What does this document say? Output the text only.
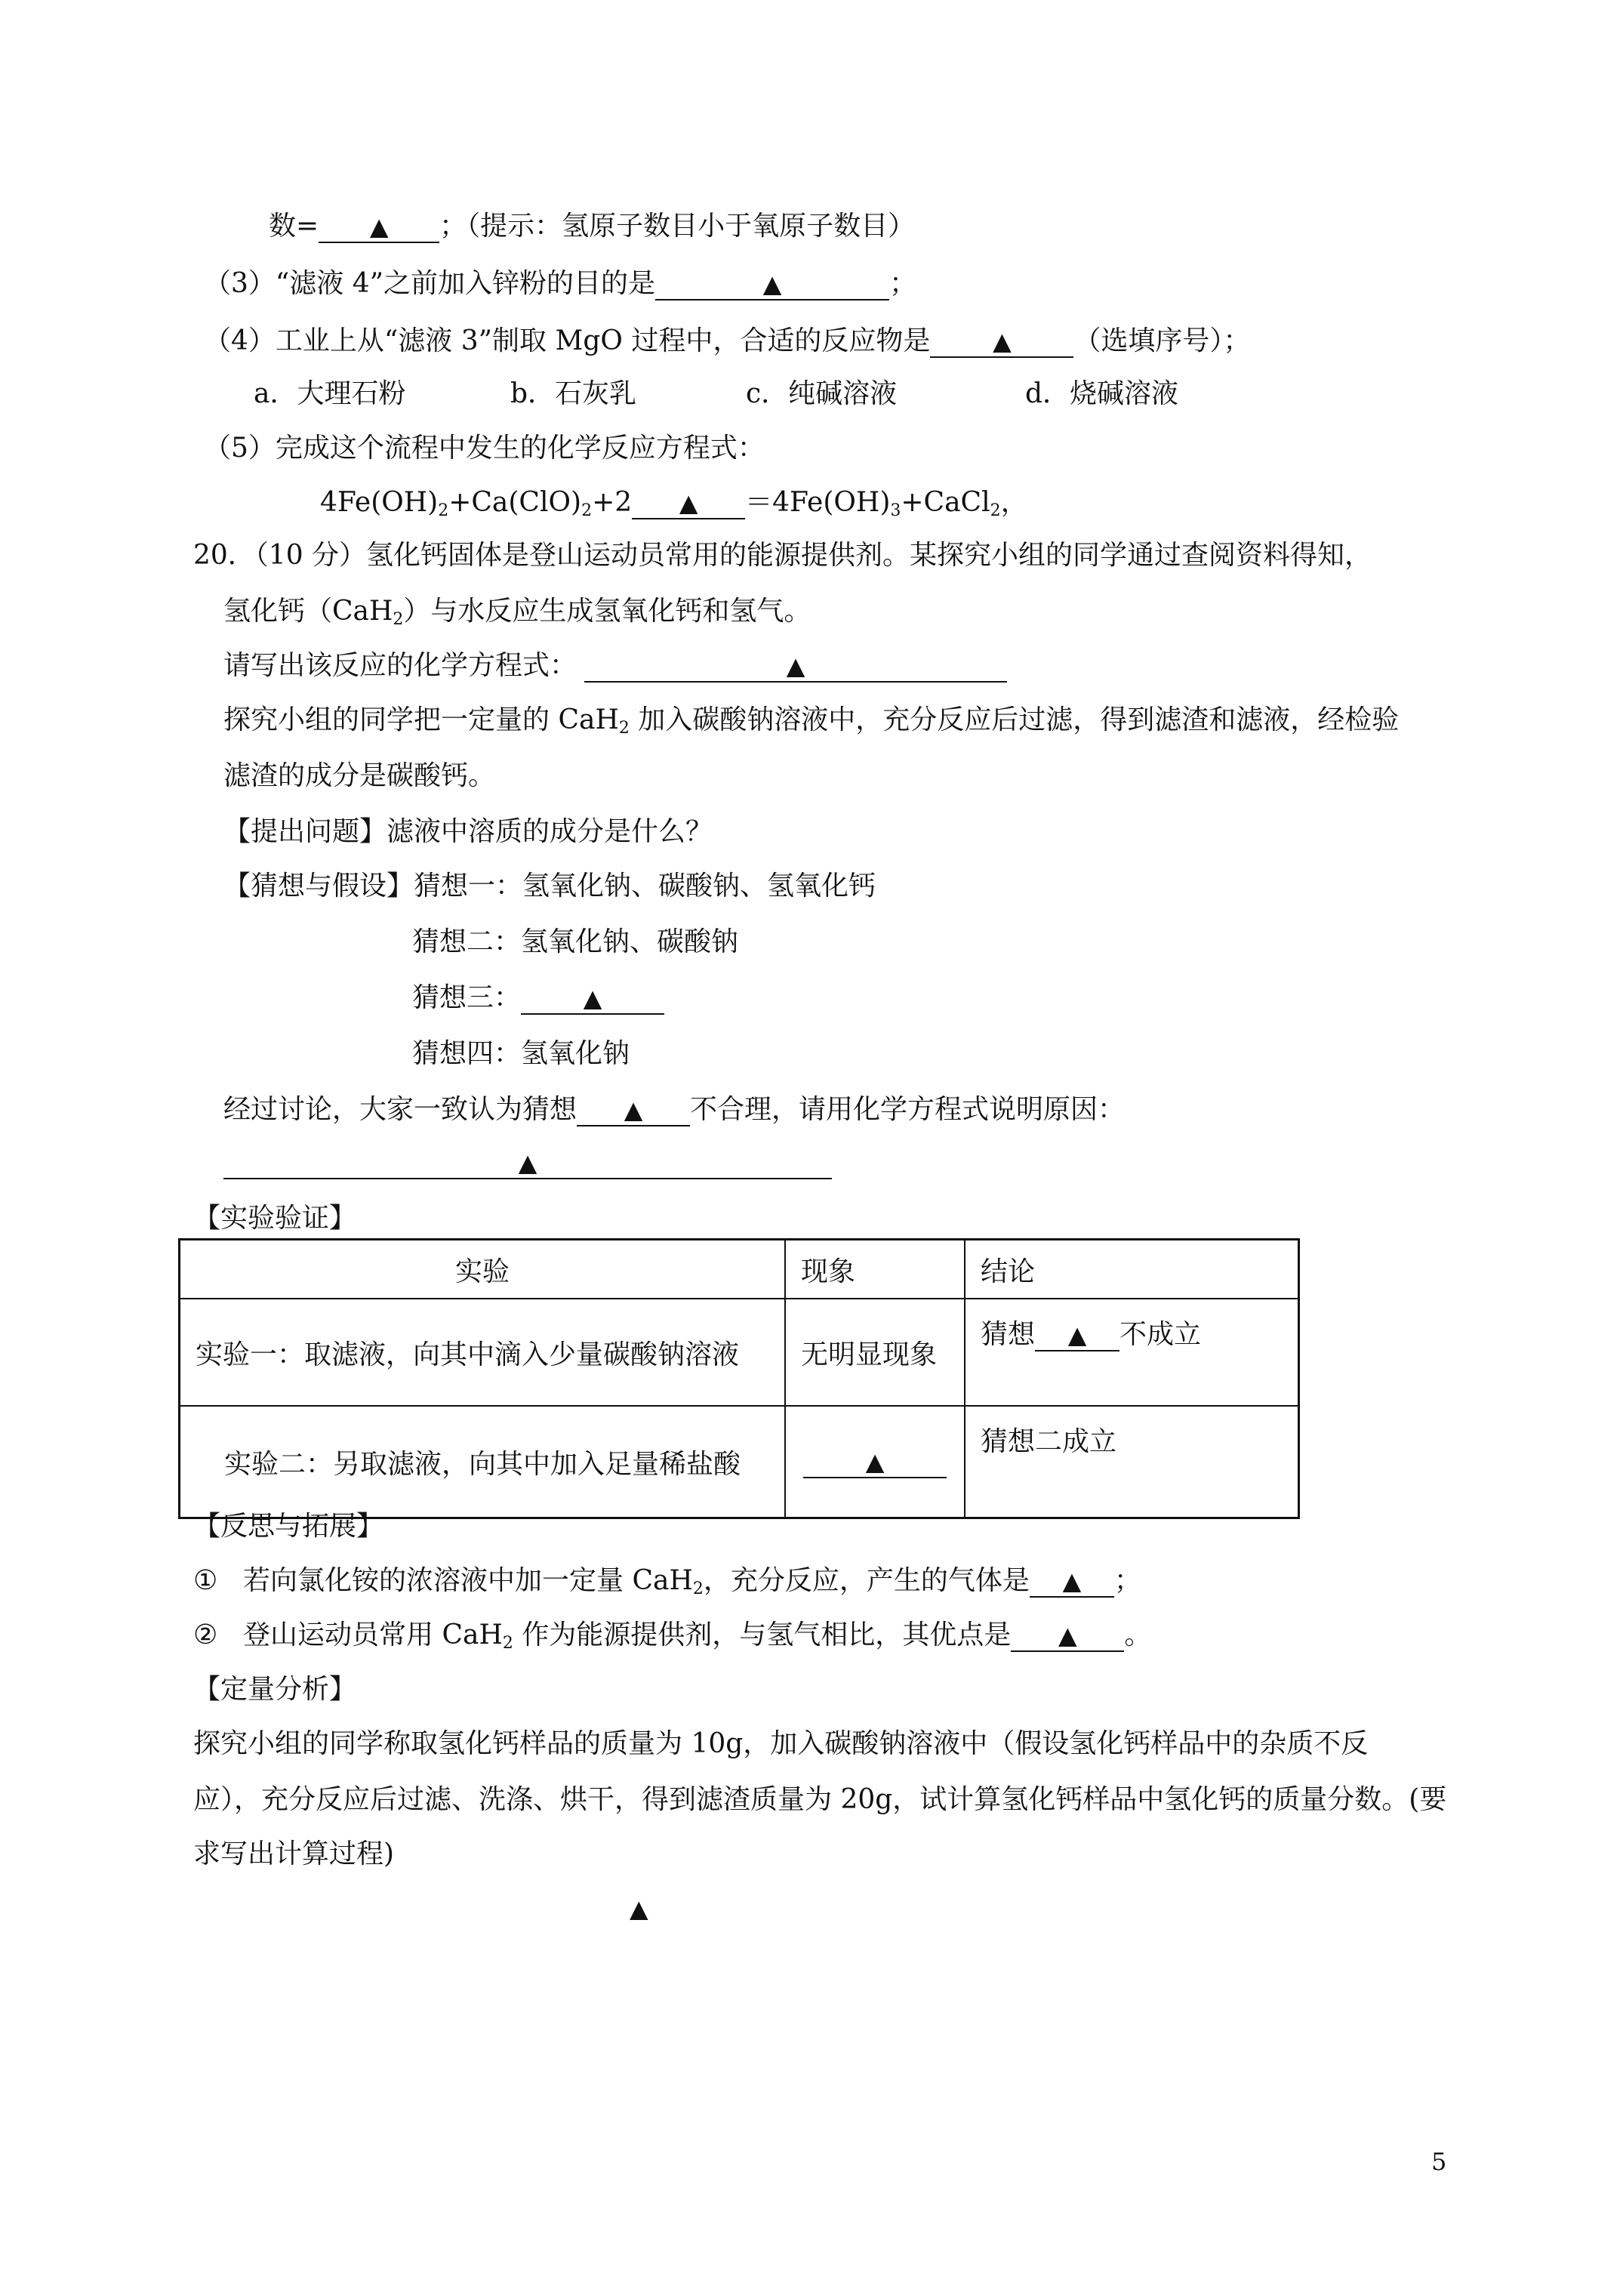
数= ▲ ；（提示：氢原子数目小于氧原子数目）
（3）“滤液 4”之前加入锌粉的目的是	▲	；
（4）工业上从“滤液 3”制取 MgO 过程中，合适的反应物是	▲ （选填序号）；
a．大理石粉	b．石灰乳	c．纯碱溶液	d．烧碱溶液
（5）完成这个流程中发生的化学反应方程式：
$4Fe(OH)_2+Ca(ClO)_2+2$ ▲ $=4Fe(OH)_3+CaCl_2$，
20．（10 分）氢化钙固体是登山运动员常用的能源提供剂。某探究小组的同学通过查阅资料得知，
氢化钙（CaH$_2$）与水反应生成氢氧化钙和氢气。
请写出该反应的化学方程式：	▲
探究小组的同学把一定量的 CaH$_2$ 加入碳酸钠溶液中，充分反应后过滤，得到滤渣和滤液，经检验
滤渣的成分是碳酸钙。
【提出问题】滤液中溶质的成分是什么？
【猜想与假设】猜想一：氢氧化钠、碳酸钠、氢氧化钙
猜想二：氢氧化钠、碳酸钠
猜想三：	▲
猜想四：氢氧化钠
经过讨论，大家一致认为猜想 ▲ 不合理，请用化学方程式说明原因：
▲
【实验验证】
实验	现象	结论
实验一：取滤液，向其中滴入少量碳酸钠溶液	无明显现象	猜想 ▲ 不成立
实验二：另取滤液，向其中加入足量稀盐酸	▲	猜想二成立
【反思与拓展】
① 若向氯化铵的浓溶液中加一定量 CaH$_2$，充分反应，产生的气体是 ▲ ；
② 登山运动员常用 CaH$_2$ 作为能源提供剂，与氢气相比，其优点是 ▲ 。
【定量分析】
探究小组的同学称取氢化钙样品的质量为 10g，加入碳酸钠溶液中（假设氢化钙样品中的杂质不反
应），充分反应后过滤、洗涤、烘干，得到滤渣质量为 20g，试计算氢化钙样品中氢化钙的质量分数。(要
求写出计算过程)
▲
5
